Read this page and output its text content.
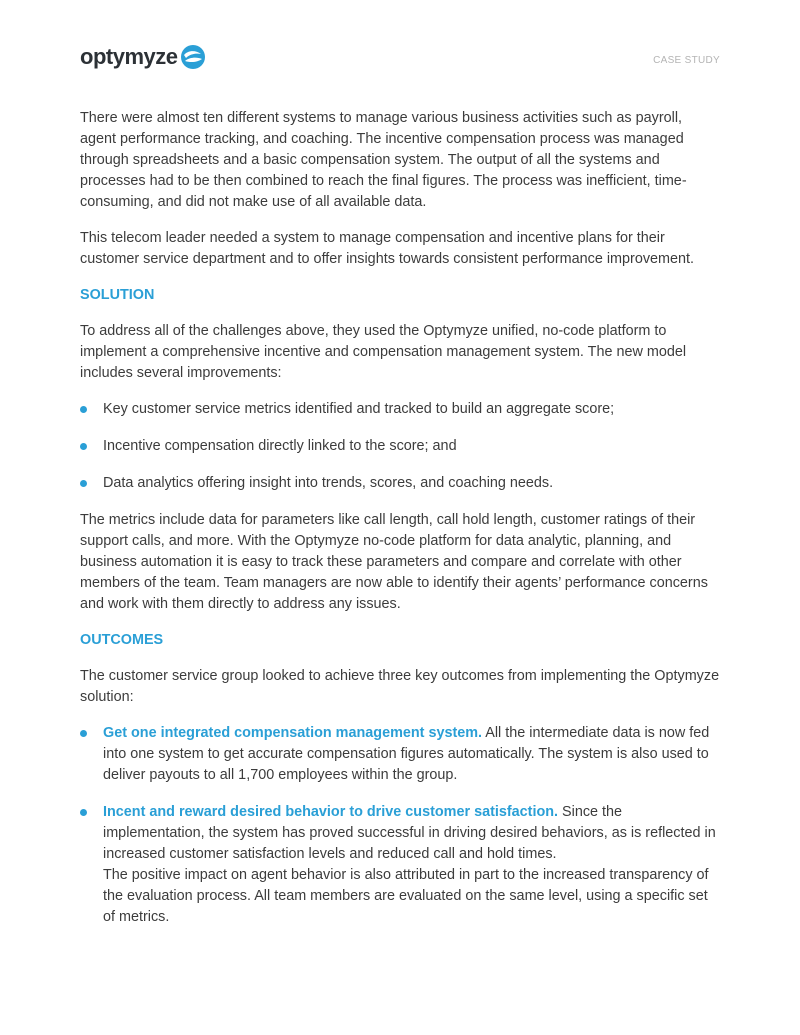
optymyze	CASE STUDY

There were almost ten different systems to manage various business activities such as payroll, agent performance tracking, and coaching. The incentive compensation process was managed through spreadsheets and a basic compensation system. The output of all the systems and processes had to be then combined to reach the final figures. The process was inefficient, time-consuming, and did not make use of all available data.

This telecom leader needed a system to manage compensation and incentive plans for their customer service department and to offer insights towards consistent performance improvement.

SOLUTION

To address all of the challenges above, they used the Optymyze unified, no-code platform to implement a comprehensive incentive and compensation management system. The new model includes several improvements:

Key customer service metrics identified and tracked to build an aggregate score;
Incentive compensation directly linked to the score; and
Data analytics offering insight into trends, scores, and coaching needs.

The metrics include data for parameters like call length, call hold length, customer ratings of their support calls, and more. With the Optymyze no-code platform for data analytic, planning, and business automation it is easy to track these parameters and compare and correlate with other members of the team. Team managers are now able to identify their agents’ performance concerns and work with them directly to address any issues.

OUTCOMES

The customer service group looked to achieve three key outcomes from implementing the Optymyze solution:

Get one integrated compensation management system. All the intermediate data is now fed into one system to get accurate compensation figures automatically. The system is also used to deliver payouts to all 1,700 employees within the group.
Incent and reward desired behavior to drive customer satisfaction. Since the implementation, the system has proved successful in driving desired behaviors, as is reflected in increased customer satisfaction levels and reduced call and hold times.
The positive impact on agent behavior is also attributed in part to the increased transparency of the evaluation process. All team members are evaluated on the same level, using a specific set of metrics.
